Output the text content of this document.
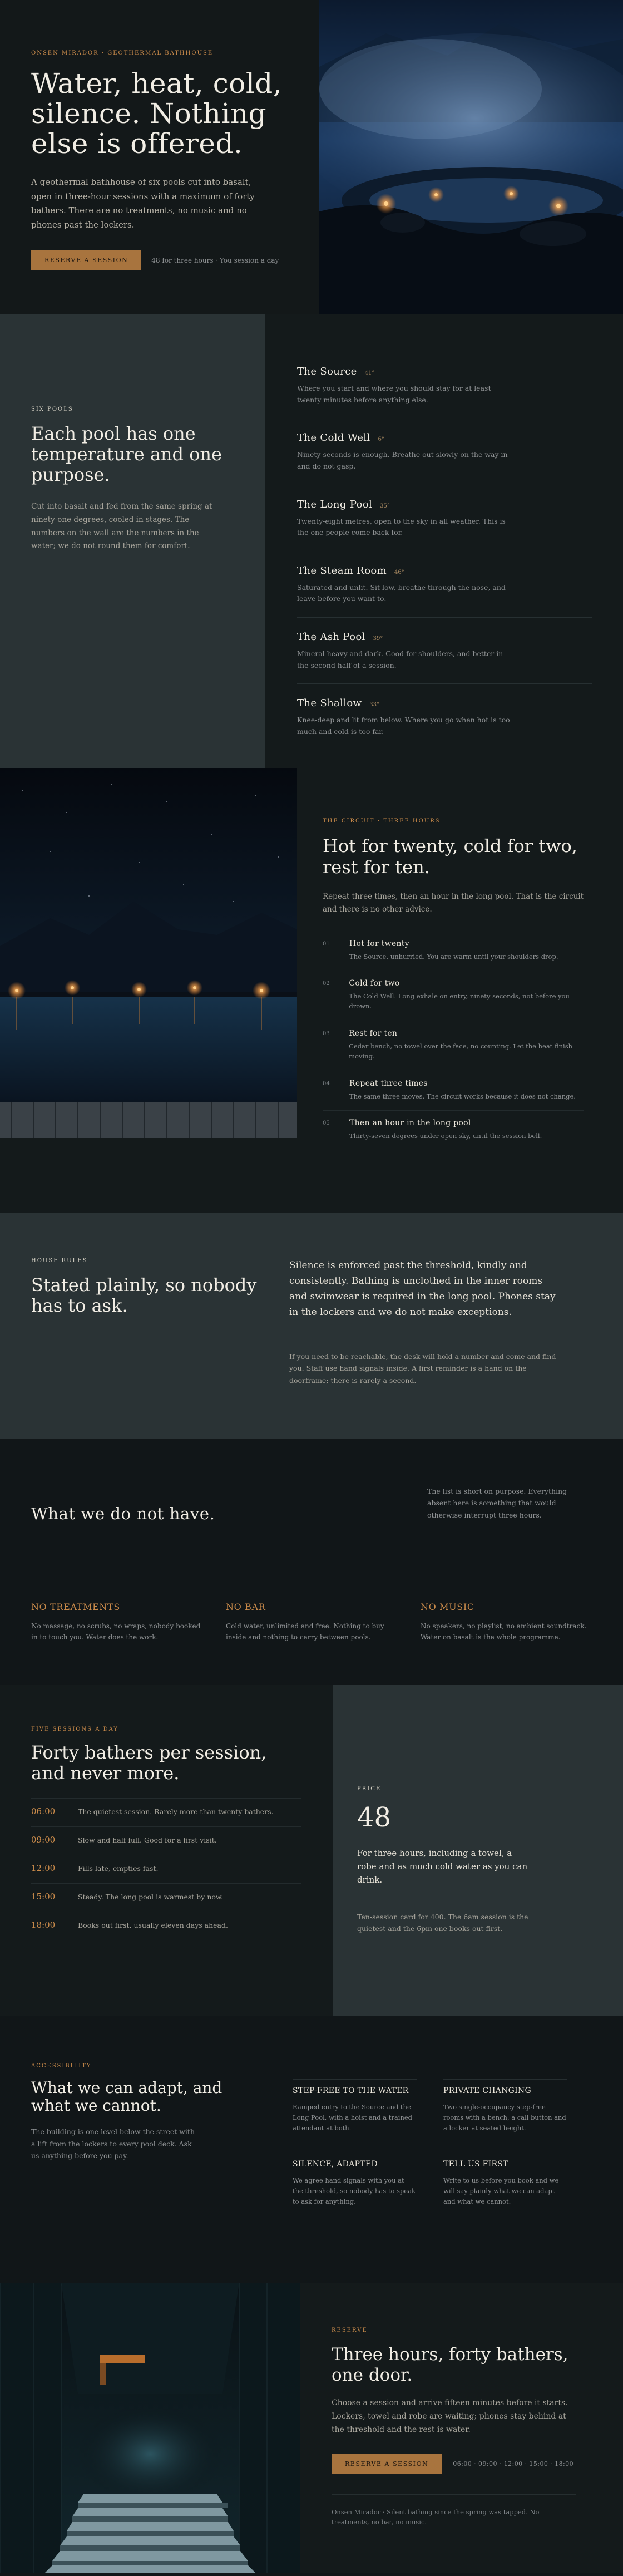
ONSEN MIRADOR · GEOTHERMAL BATHHOUSE
Water, heat, cold, silence. Nothing else is offered.

A geothermal bathhouse of six pools cut into basalt, open in three-hour sessions with a maximum of forty bathers. There are no treatments, no music and no phones past the lockers.

RESERVE A SESSION	48 for three hours · You session a day
SIX POOLS
Each pool has one temperature and one purpose.

Cut into basalt and fed from the same spring at ninety-one degrees, cooled in stages. The numbers on the wall are the numbers in the water; we do not round them for comfort.

The Source 41°

Where you start and where you should stay for at least twenty minutes before anything else.

The Cold Well 6°

Ninety seconds is enough. Breathe out slowly on the way in and do not gasp.

The Long Pool 35°

Twenty-eight metres, open to the sky in all weather. This is the one people come back for.

The Steam Room 46°

Saturated and unlit. Sit low, breathe through the nose, and leave before you want to.

The Ash Pool 39°

Mineral heavy and dark. Good for shoulders, and better in the second half of a session.

The Shallow 33°

Knee-deep and lit from below. Where you go when hot is too much and cold is too far.

THE CIRCUIT · THREE HOURS
Hot for twenty, cold for two, rest for ten.

Repeat three times, then an hour in the long pool. That is the circuit and there is no other advice.

01	Hot for twenty

The Source, unhurried. You are warm until your shoulders drop.

02 Cold for two

The Cold Well. Long exhale on entry, ninety seconds, not before you drown.

03 Rest for ten

Cedar bench, no towel over the face, no counting. Let the heat finish moving.

04	Repeat three times

The same three moves. The circuit works because it does not change.

05	Then an hour in the long pool

Thirty-seven degrees under open sky, until the session bell.

HOUSE RULES
Stated plainly, so nobody has to ask.

Silence is enforced past the threshold, kindly and consistently. Bathing is unclothed in the inner rooms and swimwear is required in the long pool. Phones stay in the lockers and we do not make exceptions.

If you need to be reachable, the desk will hold a number and come and find you. Staff use hand signals inside. A first reminder is a hand on the doorframe; there is rarely a second.

What we do not have.

The list is short on purpose. Everything absent here is something that would otherwise interrupt three hours.

NO TREATMENTS

No massage, no scrubs, no wraps, nobody booked in to touch you. Water does the work.

NO BAR

Cold water, unlimited and free. Nothing to buy inside and nothing to carry between pools.

NO MUSIC

No speakers, no playlist, no ambient soundtrack. Water on basalt is the whole programme.

FIVE SESSIONS A DAY
Forty bathers per session, and never more.
06:00	The quietest session. Rarely more than twenty bathers.
09:00	Slow and half full. Good for a first visit.
12:00	Fills late, empties fast.
15:00	Steady. The long pool is warmest by now.
18:00	Books out first, usually eleven days ahead.
PRICE
48

For three hours, including a towel, a robe and as much cold water as you can drink.

Ten-session card for 400. The 6am session is the quietest and the 6pm one books out first.

ACCESSIBILITY
What we can adapt, and what we cannot.

The building is one level below the street with a lift from the lockers to every pool deck. Ask us anything before you pay.

STEP-FREE TO THE WATER

Ramped entry to the Source and the Long Pool, with a hoist and a trained attendant at both.

PRIVATE CHANGING

Two single-occupancy step-free rooms with a bench, a call button and a locker at seated height.

SILENCE, ADAPTED

We agree hand signals with you at the threshold, so nobody has to speak to ask for anything.

TELL US FIRST

Write to us before you book and we will say plainly what we can adapt and what we cannot.

RESERVE
Three hours, forty bathers, one door.

Choose a session and arrive fifteen minutes before it starts. Lockers, towel and robe are waiting; phones stay behind at the threshold and the rest is water.

RESERVE A SESSION	06:00 · 09:00 · 12:00 · 15:00 · 18:00

Onsen Mirador · Silent bathing since the spring was tapped. No treatments, no bar, no music.
